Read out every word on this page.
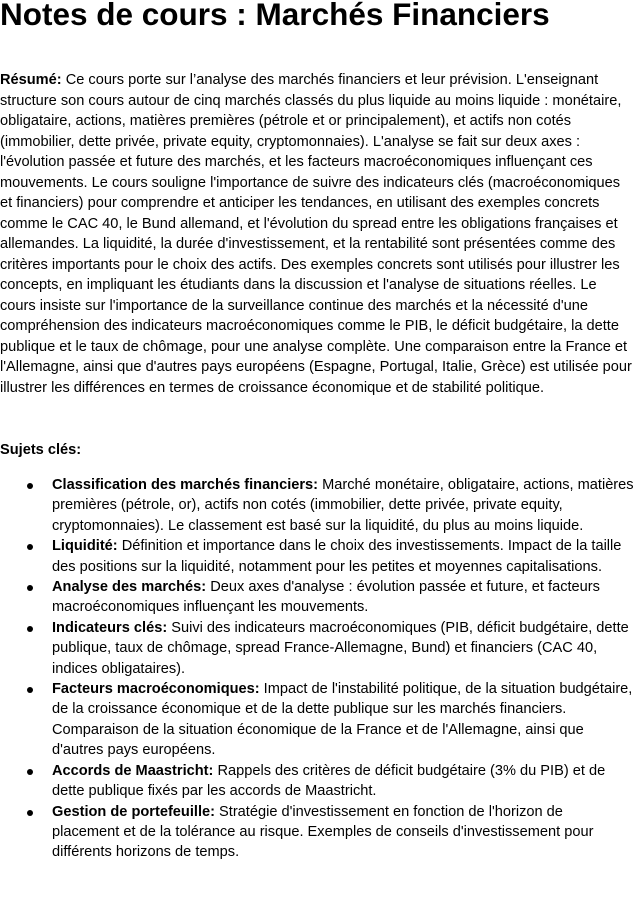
Notes de cours : Marchés Financiers

Résumé: Ce cours porte sur l’analyse des marchés financiers et leur prévision. L'enseignant structure son cours autour de cinq marchés classés du plus liquide au moins liquide : monétaire, obligataire, actions, matières premières (pétrole et or principalement), et actifs non cotés (immobilier, dette privée, private equity, cryptomonnaies). L'analyse se fait sur deux axes : l'évolution passée et future des marchés, et les facteurs macroéconomiques influençant ces mouvements. Le cours souligne l'importance de suivre des indicateurs clés (macroéconomiques et financiers) pour comprendre et anticiper les tendances, en utilisant des exemples concrets comme le CAC 40, le Bund allemand, et l'évolution du spread entre les obligations françaises et allemandes. La liquidité, la durée d'investissement, et la rentabilité sont présentées comme des critères importants pour le choix des actifs. Des exemples concrets sont utilisés pour illustrer les concepts, en impliquant les étudiants dans la discussion et l'analyse de situations réelles. Le cours insiste sur l'importance de la surveillance continue des marchés et la nécessité d'une compréhension des indicateurs macroéconomiques comme le PIB, le déficit budgétaire, la dette publique et le taux de chômage, pour une analyse complète. Une comparaison entre la France et l'Allemagne, ainsi que d'autres pays européens (Espagne, Portugal, Italie, Grèce) est utilisée pour illustrer les différences en termes de croissance économique et de stabilité politique.

Sujets clés:

Classification des marchés financiers: Marché monétaire, obligataire, actions, matières premières (pétrole, or), actifs non cotés (immobilier, dette privée, private equity, cryptomonnaies). Le classement est basé sur la liquidité, du plus au moins liquide.
Liquidité: Définition et importance dans le choix des investissements. Impact de la taille des positions sur la liquidité, notamment pour les petites et moyennes capitalisations.
Analyse des marchés: Deux axes d'analyse : évolution passée et future, et facteurs macroéconomiques influençant les mouvements.
Indicateurs clés: Suivi des indicateurs macroéconomiques (PIB, déficit budgétaire, dette publique, taux de chômage, spread France-Allemagne, Bund) et financiers (CAC 40, indices obligataires).
Facteurs macroéconomiques: Impact de l'instabilité politique, de la situation budgétaire, de la croissance économique et de la dette publique sur les marchés financiers. Comparaison de la situation économique de la France et de l'Allemagne, ainsi que d'autres pays européens.
Accords de Maastricht: Rappels des critères de déficit budgétaire (3% du PIB) et de dette publique fixés par les accords de Maastricht.
Gestion de portefeuille: Stratégie d'investissement en fonction de l'horizon de placement et de la tolérance au risque. Exemples de conseils d'investissement pour différents horizons de temps.
